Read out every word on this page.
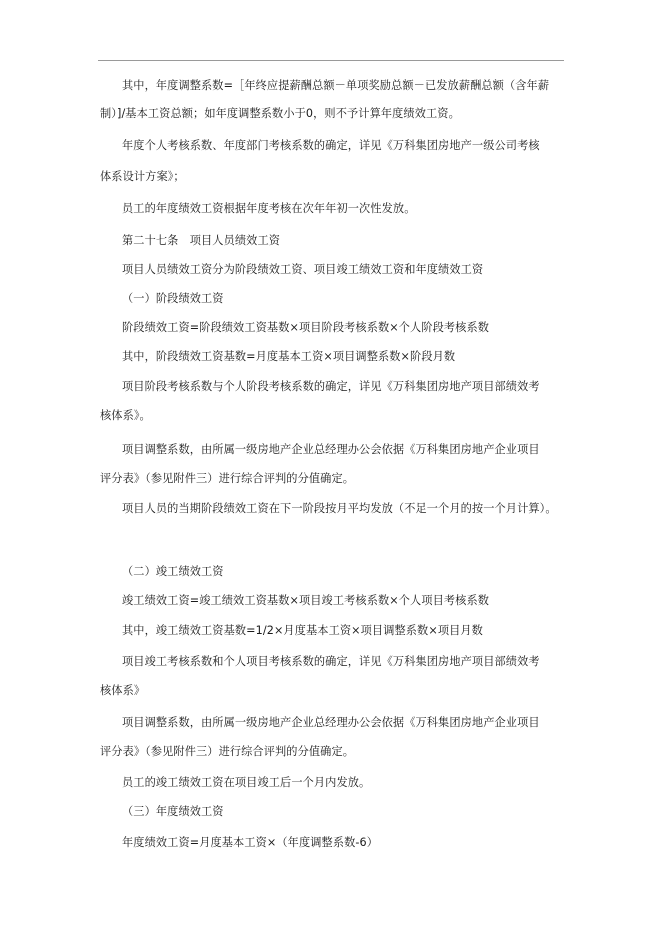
其中，年度调整系数=［年终应提薪酬总额－单项奖励总额－已发放薪酬总额（含年薪
制）]/基本工资总额；如年度调整系数小于0，则不予计算年度绩效工资。
年度个人考核系数、年度部门考核系数的确定，详见《万科集团房地产一级公司考核
体系设计方案》；
员工的年度绩效工资根据年度考核在次年年初一次性发放。
第二十七条　项目人员绩效工资
项目人员绩效工资分为阶段绩效工资、项目竣工绩效工资和年度绩效工资
（一）阶段绩效工资
阶段绩效工资=阶段绩效工资基数×项目阶段考核系数×个人阶段考核系数
其中，阶段绩效工资基数=月度基本工资×项目调整系数×阶段月数
项目阶段考核系数与个人阶段考核系数的确定，详见《万科集团房地产项目部绩效考
核体系》。
项目调整系数，由所属一级房地产企业总经理办公会依据《万科集团房地产企业项目
评分表》（参见附件三）进行综合评判的分值确定。
项目人员的当期阶段绩效工资在下一阶段按月平均发放（不足一个月的按一个月计算）。
（二）竣工绩效工资
竣工绩效工资=竣工绩效工资基数×项目竣工考核系数×个人项目考核系数
其中，竣工绩效工资基数=1/2×月度基本工资×项目调整系数×项目月数
项目竣工考核系数和个人项目考核系数的确定，详见《万科集团房地产项目部绩效考
核体系》
项目调整系数，由所属一级房地产企业总经理办公会依据《万科集团房地产企业项目
评分表》（参见附件三）进行综合评判的分值确定。
员工的竣工绩效工资在项目竣工后一个月内发放。
（三）年度绩效工资
年度绩效工资=月度基本工资×（年度调整系数-6）
